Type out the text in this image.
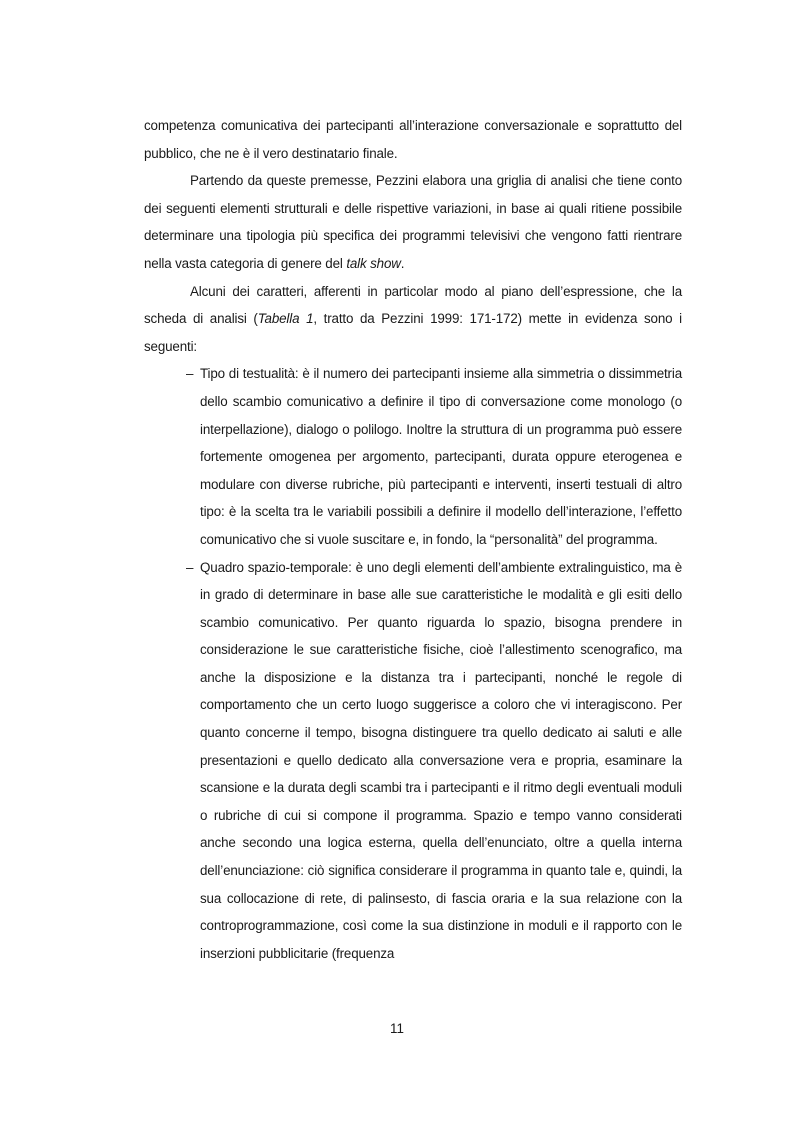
competenza comunicativa dei partecipanti all’interazione conversazionale e soprattutto del pubblico, che ne è il vero destinatario finale.

Partendo da queste premesse, Pezzini elabora una griglia di analisi che tiene conto dei seguenti elementi strutturali e delle rispettive variazioni, in base ai quali ritiene possibile determinare una tipologia più specifica dei programmi televisivi che vengono fatti rientrare nella vasta categoria di genere del talk show.

Alcuni dei caratteri, afferenti in particolar modo al piano dell’espressione, che la scheda di analisi (Tabella 1, tratto da Pezzini 1999: 171-172) mette in evidenza sono i seguenti:

– Tipo di testualità: è il numero dei partecipanti insieme alla simmetria o dissimmetria dello scambio comunicativo a definire il tipo di conversazione come monologo (o interpellazione), dialogo o polilogo. Inoltre la struttura di un programma può essere fortemente omogenea per argomento, partecipanti, durata oppure eterogenea e modulare con diverse rubriche, più partecipanti e interventi, inserti testuali di altro tipo: è la scelta tra le variabili possibili a definire il modello dell’interazione, l’effetto comunicativo che si vuole suscitare e, in fondo, la “personalità” del programma.
– Quadro spazio-temporale: è uno degli elementi dell’ambiente extralinguistico, ma è in grado di determinare in base alle sue caratteristiche le modalità e gli esiti dello scambio comunicativo. Per quanto riguarda lo spazio, bisogna prendere in considerazione le sue caratteristiche fisiche, cioè l’allestimento scenografico, ma anche la disposizione e la distanza tra i partecipanti, nonché le regole di comportamento che un certo luogo suggerisce a coloro che vi interagiscono. Per quanto concerne il tempo, bisogna distinguere tra quello dedicato ai saluti e alle presentazioni e quello dedicato alla conversazione vera e propria, esaminare la scansione e la durata degli scambi tra i partecipanti e il ritmo degli eventuali moduli o rubriche di cui si compone il programma. Spazio e tempo vanno considerati anche secondo una logica esterna, quella dell’enunciato, oltre a quella interna dell’enunciazione: ciò significa considerare il programma in quanto tale e, quindi, la sua collocazione di rete, di palinsesto, di fascia oraria e la sua relazione con la controprogrammazione, così come la sua distinzione in moduli e il rapporto con le inserzioni pubblicitarie (frequenza
11
